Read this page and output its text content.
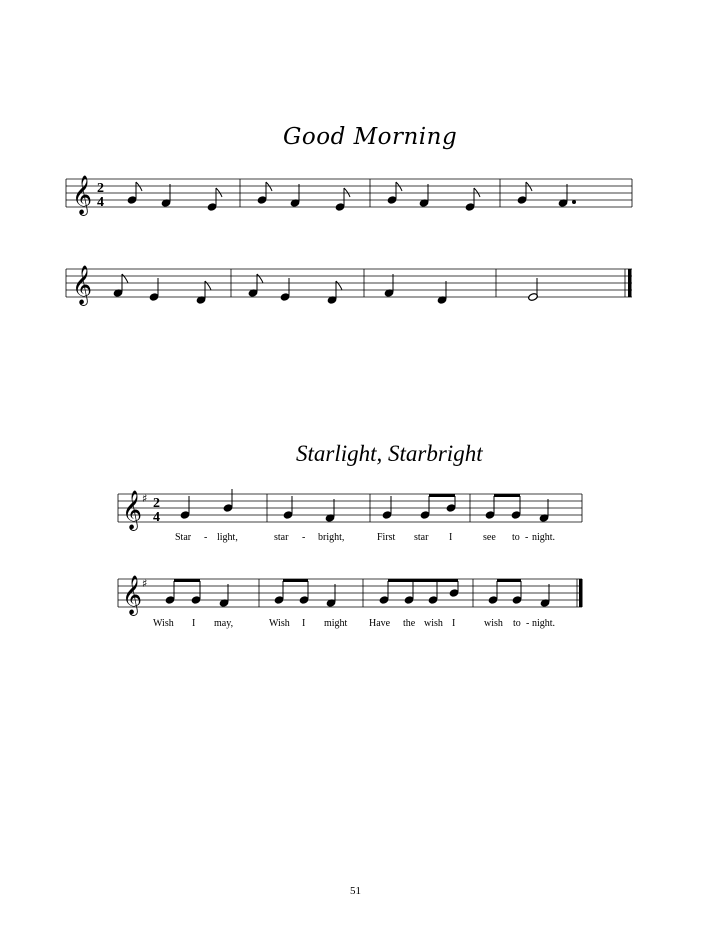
Good Morning
Starlight, Starbright
𝄞 2
4
𝄞
𝄞 ♯ 2
4
Star - light,	star - bright,	First star I	see to - night.
𝄞 ♯
Wish I may,	Wish I might Have the wish I	wish to - night.
51
